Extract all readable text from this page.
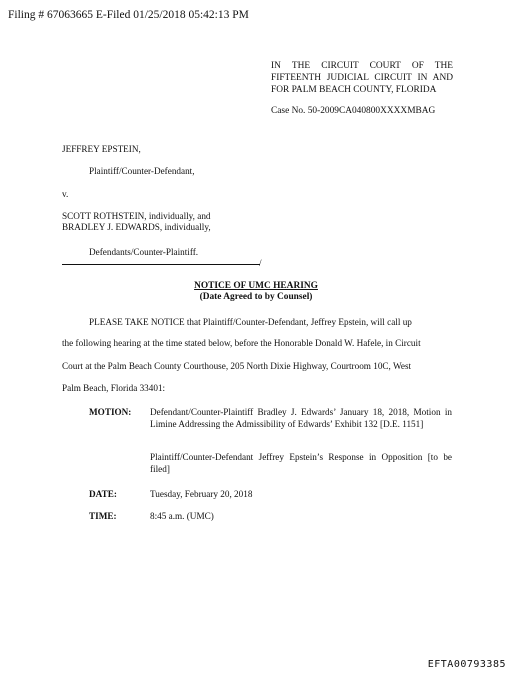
Filing # 67063665 E-Filed 01/25/2018 05:42:13 PM
IN THE CIRCUIT COURT OF THE FIFTEENTH JUDICIAL CIRCUIT IN AND FOR PALM BEACH COUNTY, FLORIDA
Case No. 50-2009CA040800XXXXMBAG
JEFFREY EPSTEIN,
Plaintiff/Counter-Defendant,
v.
SCOTT ROTHSTEIN, individually, and
BRADLEY J. EDWARDS, individually,
Defendants/Counter-Plaintiff.
/
NOTICE OF UMC HEARING
(Date Agreed to by Counsel)
PLEASE TAKE NOTICE that Plaintiff/Counter-Defendant, Jeffrey Epstein, will call up
the following hearing at the time stated below, before the Honorable Donald W. Hafele, in Circuit
Court at the Palm Beach County Courthouse, 205 North Dixie Highway, Courtroom 10C, West
Palm Beach, Florida 33401:
MOTION: Defendant/Counter-Plaintiff Bradley J. Edwards’ January 18, 2018, Motion in Limine Addressing the Admissibility of Edwards’ Exhibit 132 [D.E. 1151]
Plaintiff/Counter-Defendant Jeffrey Epstein’s Response in Opposition [to be filed]
DATE:	Tuesday, February 20, 2018
TIME:	8:45 a.m. (UMC)
EFTA00793385
